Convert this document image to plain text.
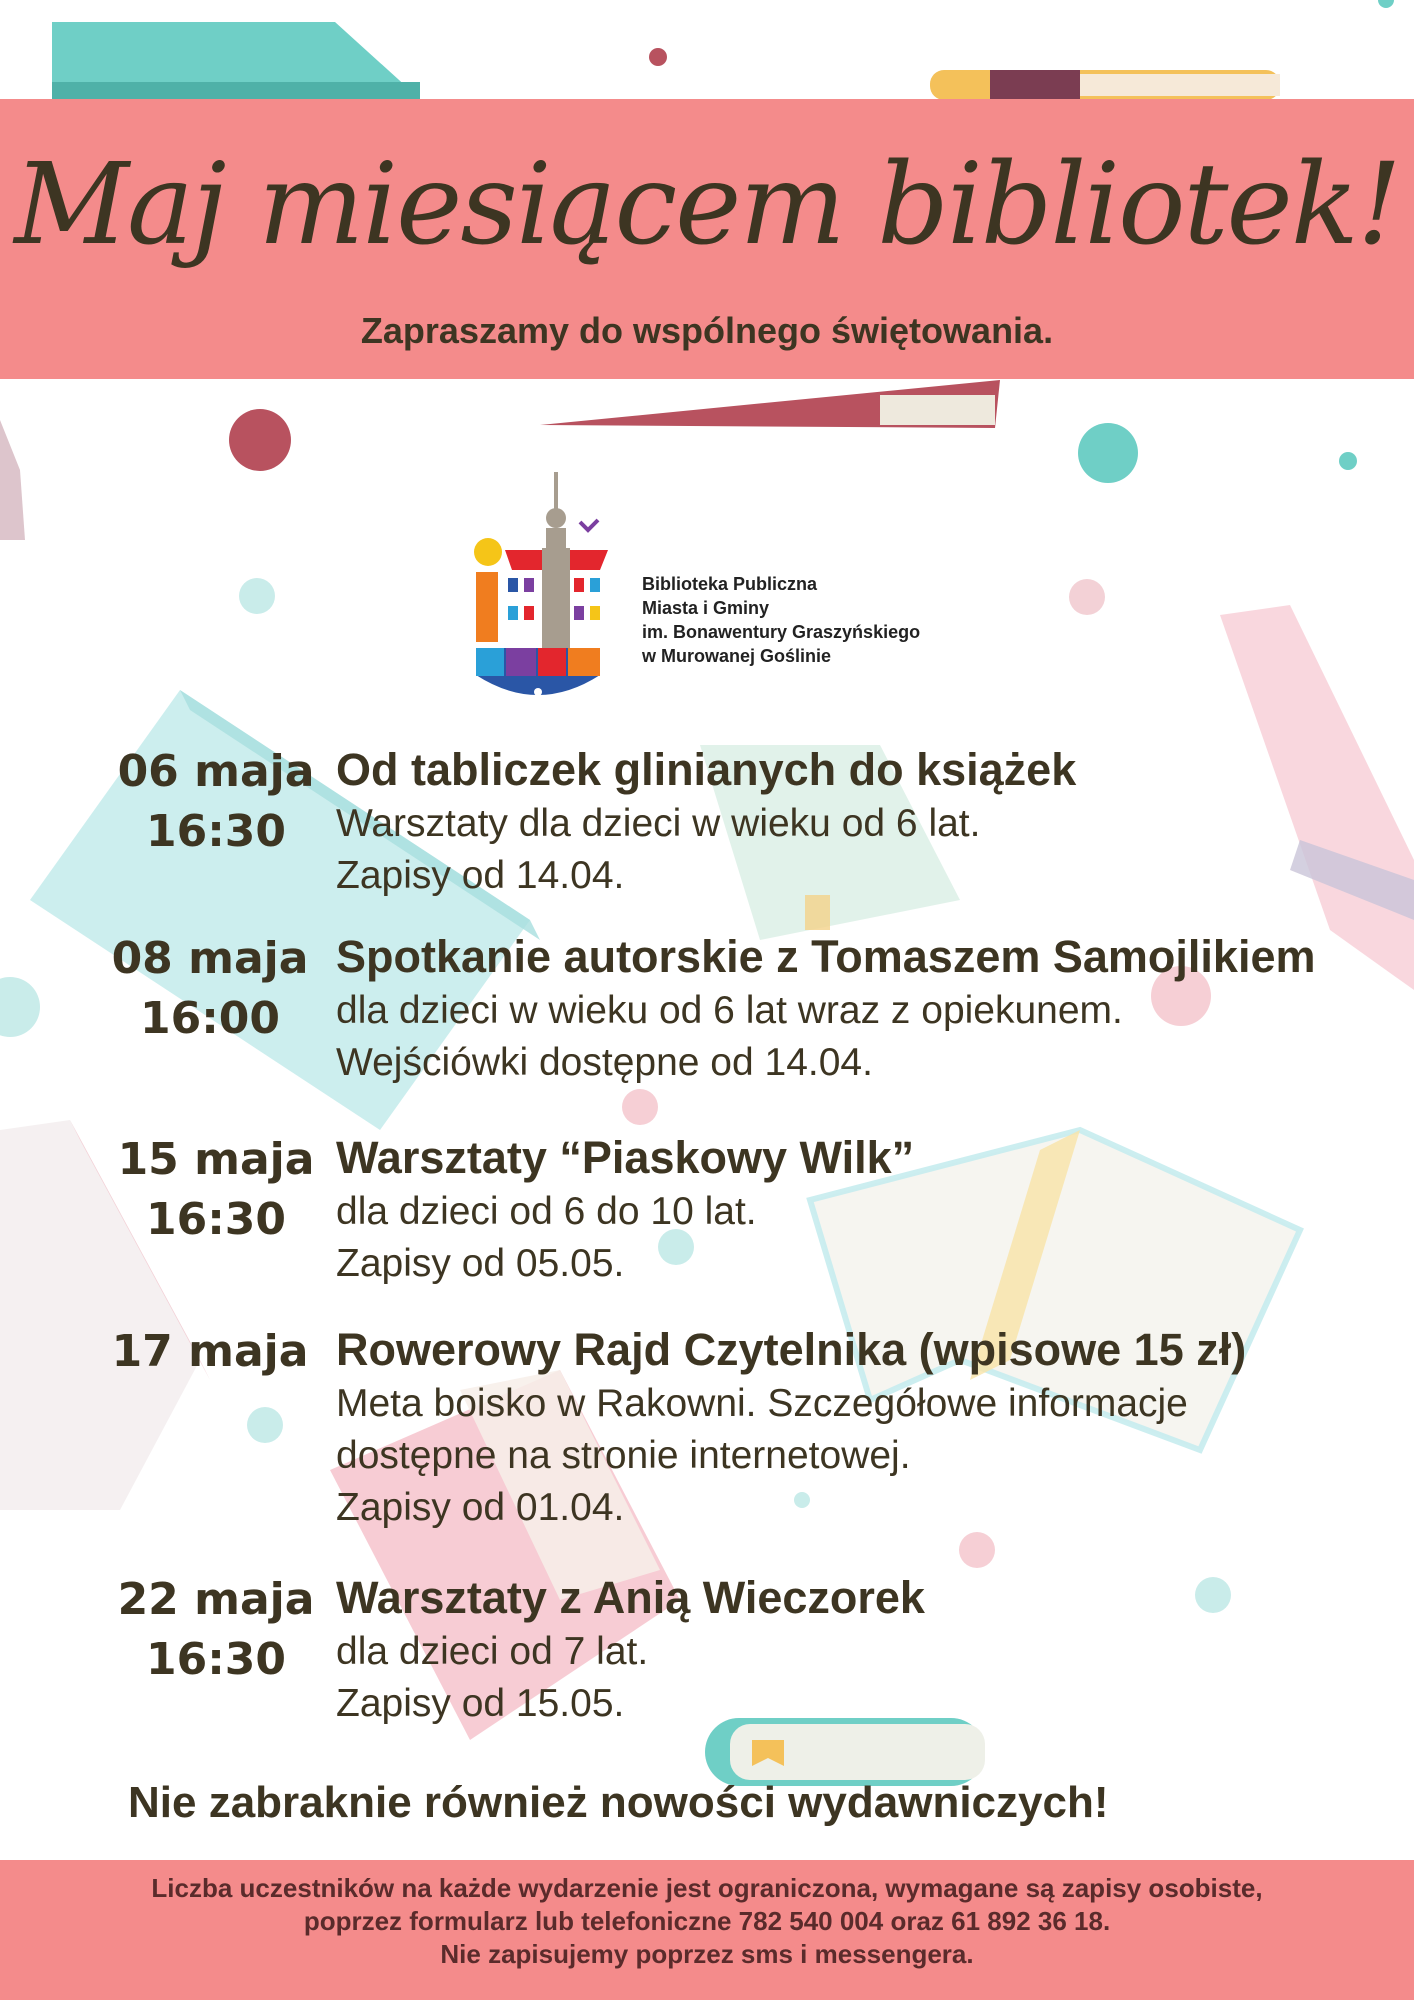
Maj miesiącem bibliotek!
Zapraszamy do wspólnego świętowania.
Biblioteka Publiczna
Miasta i Gminy
im. Bonawentury Graszyńskiego
w Murowanej Goślinie
06 maja
16:30
Od tabliczek glinianych do książek
Warsztaty dla dzieci w wieku od 6 lat.
Zapisy od 14.04.
08 maja
16:00
Spotkanie autorskie z Tomaszem Samojlikiem
dla dzieci w wieku od 6 lat wraz z opiekunem.
Wejściówki dostępne od 14.04.
15 maja
16:30
Warsztaty “Piaskowy Wilk”
dla dzieci od 6 do 10 lat.
Zapisy od 05.05.
17 maja Rowerowy Rajd Czytelnika (wpisowe 15 zł)
Meta boisko w Rakowni. Szczegółowe informacje
dostępne na stronie internetowej.
Zapisy od 01.04.
22 maja
16:30
Warsztaty z Anią Wieczorek
dla dzieci od 7 lat.
Zapisy od 15.05.
Nie zabraknie również nowości wydawniczych!
Liczba uczestników na każde wydarzenie jest ograniczona, wymagane są zapisy osobiste,
poprzez formularz lub telefoniczne 782 540 004 oraz 61 892 36 18.
Nie zapisujemy poprzez sms i messengera.
